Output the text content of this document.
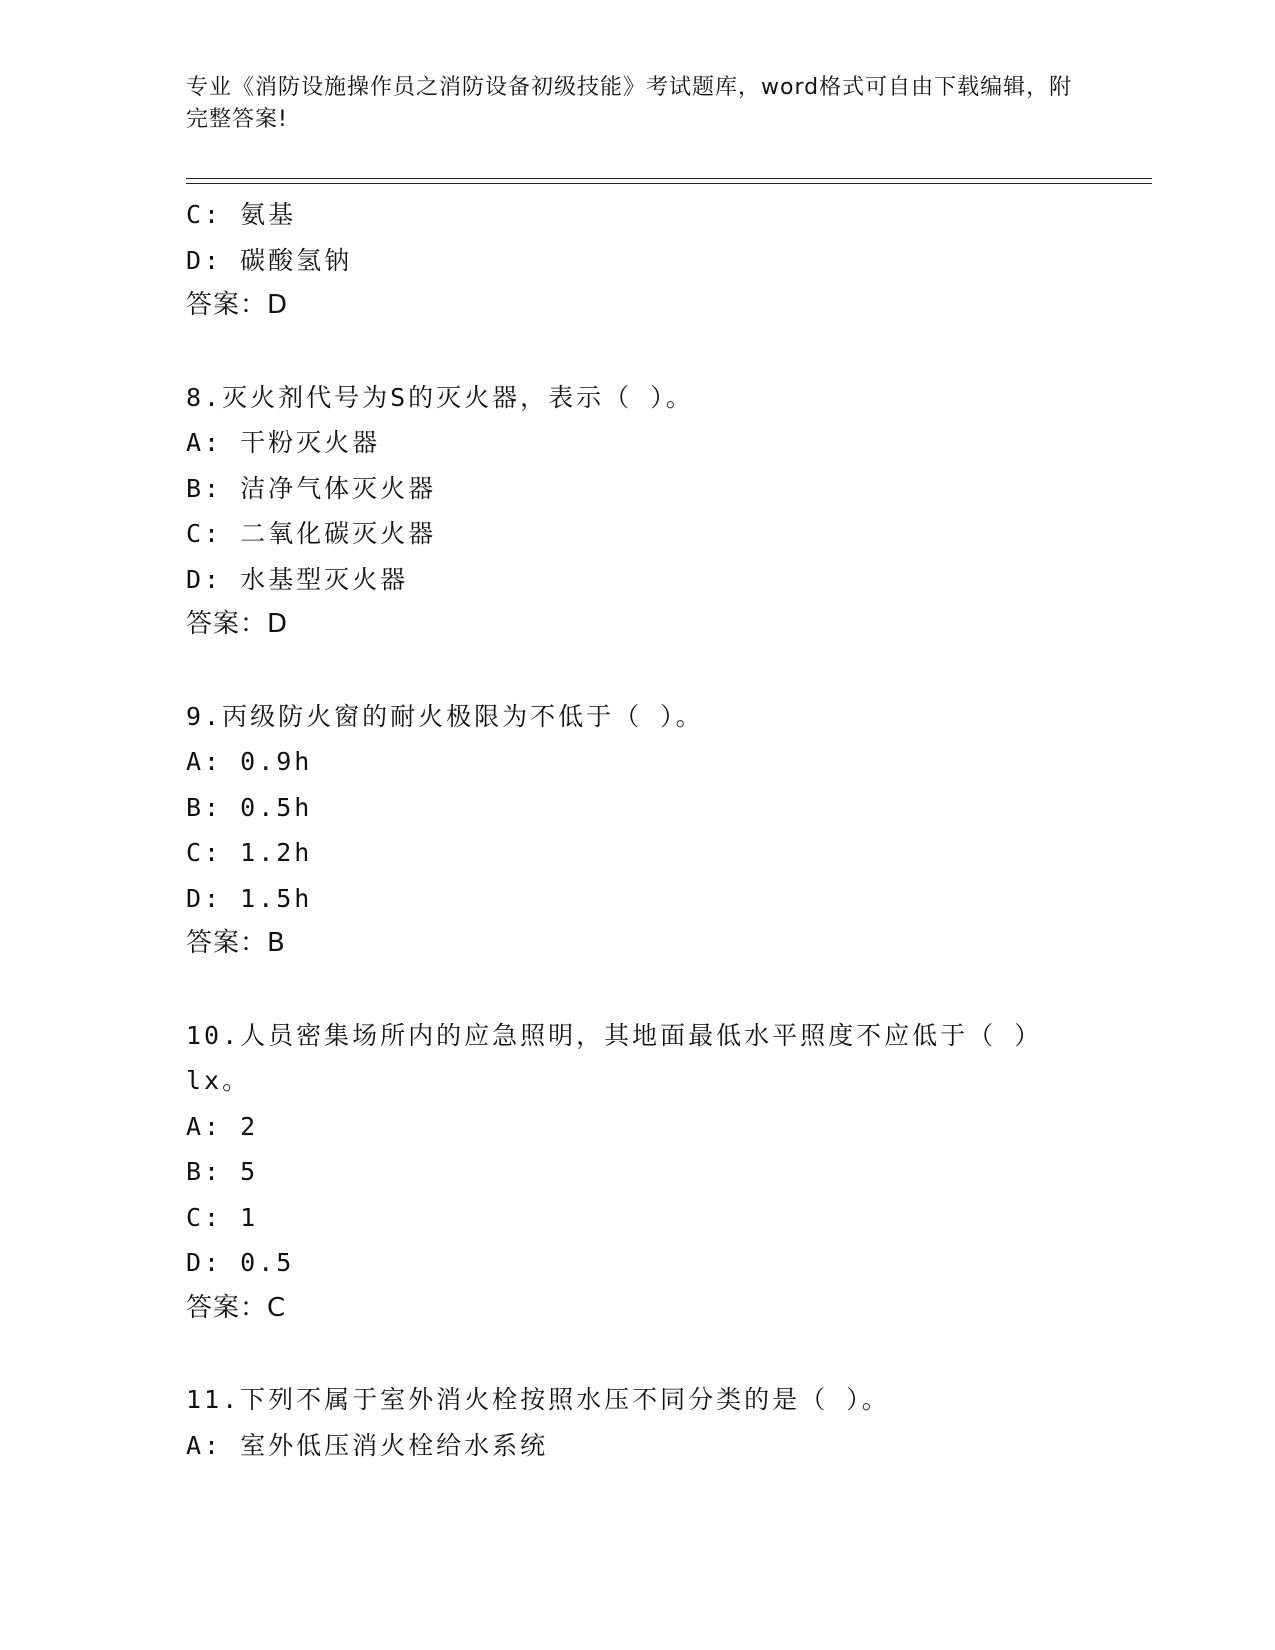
专业《消防设施操作员之消防设备初级技能》考试题库，word格式可自由下载编辑，附完整答案!
C: 氨基
D: 碳酸氢钠
答案：D
8.灭火剂代号为S的灭火器，表示（ ）。
A: 干粉灭火器
B: 洁净气体灭火器
C: 二氧化碳灭火器
D: 水基型灭火器
答案：D
9.丙级防火窗的耐火极限为不低于（ ）。
A: 0.9h
B: 0.5h
C: 1.2h
D: 1.5h
答案：B
10.人员密集场所内的应急照明，其地面最低水平照度不应低于（ ）
lx。
A: 2
B: 5
C: 1
D: 0.5
答案：C
11.下列不属于室外消火栓按照水压不同分类的是（ ）。
A: 室外低压消火栓给水系统
